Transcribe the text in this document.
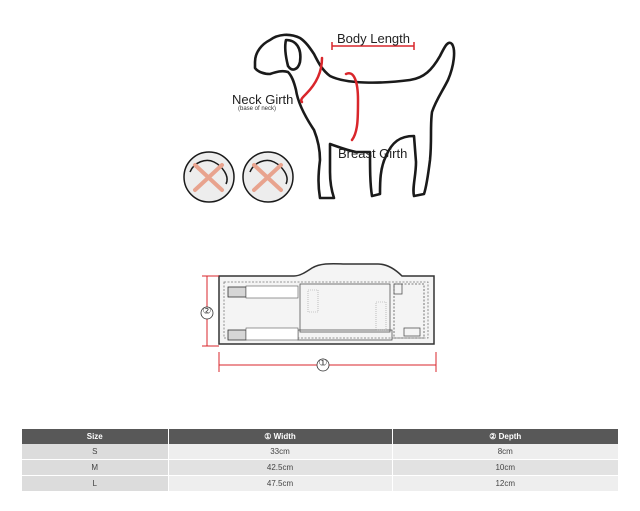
Body Length
Neck Girth
(base of neck)
Breast Girth
②
①
Size	① Width	② Depth
S	33cm	8cm
M	42.5cm	10cm
L	47.5cm	12cm
